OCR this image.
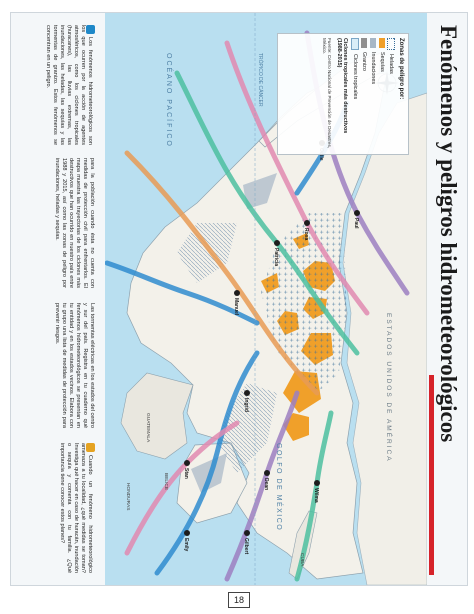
Fenómenos y peligros hidrometeorológicos
Paul
Rosa
Patricia
Manuel
Ingrid
Wilma
Dean
Stan
Emily	Gilbert
ESTADOS UNIDOS DE AMÉRICA
OCÉANO PACÍFICO
GOLFO DE MÉXICO
TRÓPICO DE CÁNCER
GUATEMALA
BELICE
HONDURAS
CUBA
Zonas de peligro por:
Heladas
Sequías
Inundaciones
Granizo
Ciclones tropicales
Ciclones tropicales más destructivos (1988-2015)
Fuente: Centro Nacional de Prevención de Desastres, México.
Los fenómenos hidrometeorológicos son los que ocurren por la acción de agentes atmosféricos, como los ciclones tropicales (huracanes), las lluvias extremas, las inundaciones, las heladas, las sequías y las tormentas de granizo. Estos fenómenos se concentran en un peligro.
para la población cuando ésta no cuenta con medidas de protección civil para enfrentarlos. El mapa muestra las trayectorias de los ciclones más destructivos que han ocurrido en nuestro país entre 1988 y 2015, así como las zonas de peligro por inundaciones, heladas y sequías.
Las tormentas eléctricas en los estados del centro y sur del país. Registra en tu cuaderno qué fenómenos hidrometeorológicos se presentan en tu entidad y en los estados vecinos. Elabora con tu grupo una lista de medidas de protección para prevenir riesgos.
Cuando un fenómeno hidrometeorológico amenaza a tu localidad, ¿qué medidas se toman? Investiga qué hacer en caso de huracán, inundación o sequía y comenta con tu familia. ¿Qué importancia tiene conocer estos planes?
18
